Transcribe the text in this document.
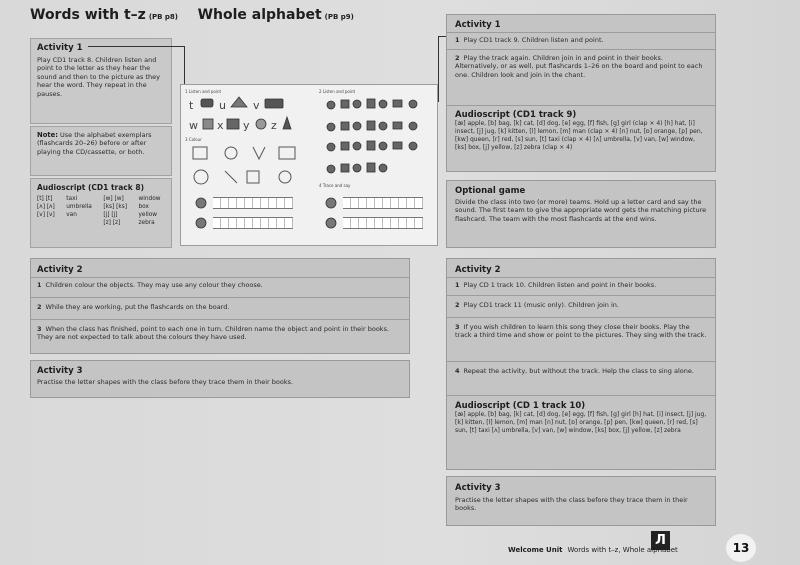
Words with t–z (PB p8) Whole alphabet (PB p9)
Activity 1
Play CD1 track 8. Children listen and point to the letter as they hear the sound and then to the picture as they hear the word. They repeat in the pauses.
Note: Use the alphabet exemplars (flashcards 20–26) before or after playing the CD/cassette, or both.
Audioscript (CD1 track 8)
[t] [t]	taxi	[w] [w]	window
[ʌ] [ʌ]	umbrella	[ks] [ks]	box
[v] [v]	van	[j] [j]	yellow
[z] [z]	zebra
1 Listen and point	2 Listen and point
3 Colour
4 Trace and say
t u v
w x y z
Activity 2
1 Children colour the objects. They may use any colour they choose.
2 While they are working, put the flashcards on the board.
3 When the class has finished, point to each one in turn. Children name the object and point in their books. They are not expected to talk about the colours they have used.
Activity 3
Practise the letter shapes with the class before they trace them in their books.
Activity 1
1 Play CD1 track 9. Children listen and point.
2 Play the track again. Children join in and point in their books. Alternatively, or as well, put flashcards 1–26 on the board and point to each one. Children look and join in the chant.
Audioscript (CD1 track 9)
[æ] apple, [b] bag, [k] cat, [d] dog, [e] egg, [f] fish, [g] girl (clap × 4) [h] hat, [i] insect, [j] jug, [k] kitten, [l] lemon, [m] man (clap × 4) [n] nut, [ɒ] orange, [p] pen, [kw] queen, [r] red, [s] sun, [t] taxi (clap × 4) [ʌ] umbrella, [v] van, [w] window, [ks] box, [j] yellow, [z] zebra (clap × 4)
Optional game
Divide the class into two (or more) teams. Hold up a letter card and say the sound. The first team to give the appropriate word gets the matching picture flashcard. The team with the most flashcards at the end wins.
Activity 2
1 Play CD 1 track 10. Children listen and point in their books.
2 Play CD1 track 11 (music only). Children join in.
3 If you wish children to learn this song they close their books. Play the track a third time and show or point to the pictures. They sing with the track.
4 Repeat the activity, but without the track. Help the class to sing alone.
Audioscript (CD 1 track 10)
[æ] apple, [b] bag, [k] cat, [d] dog, [e] egg, [f] fish, [g] girl [h] hat, [i] insect, [j] jug, [k] kitten, [l] lemon, [m] man [n] nut, [ɒ] orange, [p] pen, [kw] queen, [r] red, [s] sun, [t] taxi [ʌ] umbrella, [v] van, [w] window, [ks] box, [j] yellow, [z] zebra
Activity 3
Practise the letter shapes with the class before they trace them in their books.
Л
Welcome Unit Words with t–z, Whole alphabet	13
